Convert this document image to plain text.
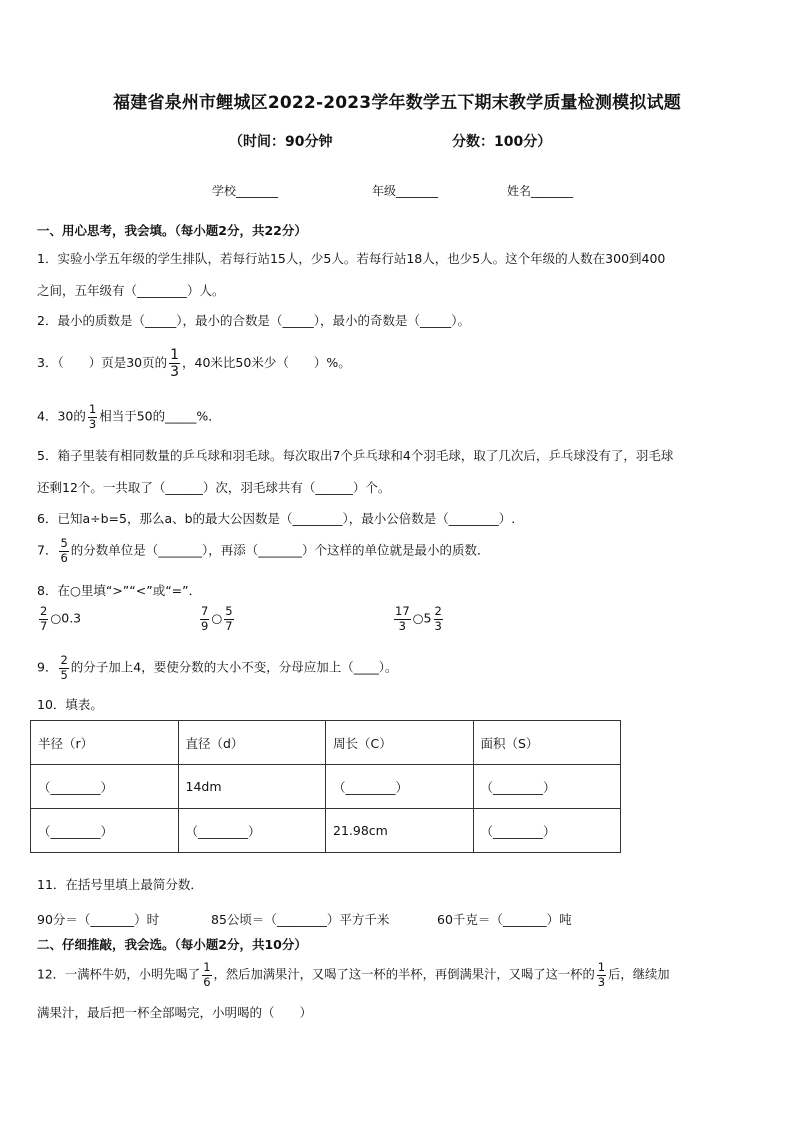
福建省泉州市鲤城区2022-2023学年数学五下期末教学质量检测模拟试题
（时间：90分钟	分数：100分）
学校_______	年级_______	姓名_______
一、用心思考，我会填。（每小题2分，共22分）
1．实验小学五年级的学生排队，若每行站15人，少5人。若每行站18人，也少5人。这个年级的人数在300到400
之间，五年级有（________）人。
2．最小的质数是（_____），最小的合数是（_____），最小的奇数是（_____）。
3．（　　）页是30页的 $\frac{1}{3}$ ，40米比50米少（　　）%。
4．30的 $\frac{1}{3}$ 相当于50的_____%．
5．箱子里装有相同数量的乒乓球和羽毛球。每次取出7个乒乓球和4个羽毛球，取了几次后，乒乓球没有了，羽毛球
还剩12个。一共取了（______）次，羽毛球共有（______）个。
6．已知a÷b=5，那么a、b的最大公因数是（________），最小公倍数是（________）.
7． $\frac{5}{6}$ 的分数单位是（_______），再添（_______）个这样的单位就是最小的质数．
8．在○里填“>”“<”或“=”．
$\frac{2}{7}$ ○0.3	$\frac{7}{9}$ ○ $\frac{5}{7}$	$\frac{17}{3}$ ○5 $\frac{2}{3}$
9． $\frac{2}{5}$ 的分子加上4，要使分数的大小不变，分母应加上（____）。
10．填表。
半径（r）	直径（d）	周长（C）	面积（S）
（________）	14dm	（________）	（________）
（________）	（________）	21.98cm	（________）
11．在括号里填上最简分数．
90分＝（_______）时	85公顷＝（________）平方千米	60千克＝（_______）吨
二、仔细推敲，我会选。（每小题2分，共10分）
12．一满杯牛奶，小明先喝了 $\frac{1}{6}$ ，然后加满果汁，又喝了这一杯的半杯，再倒满果汁，又喝了这一杯的 $\frac{1}{3}$ 后，继续加
满果汁，最后把一杯全部喝完，小明喝的（　　）
